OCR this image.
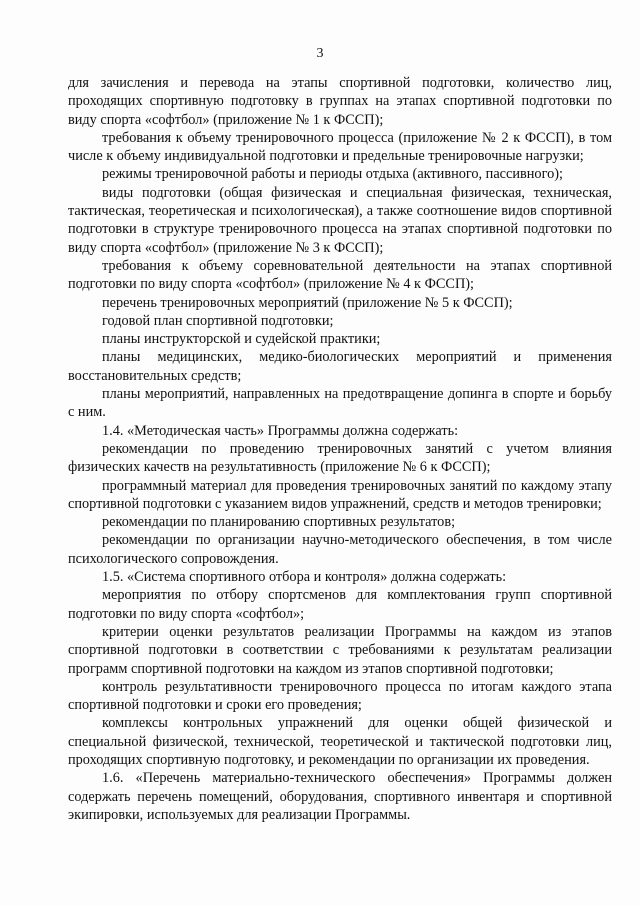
3

для зачисления и перевода на этапы спортивной подготовки, количество лиц, проходящих спортивную подготовку в группах на этапах спортивной подготовки по виду спорта «софтбол» (приложение № 1 к ФССП);

требования к объему тренировочного процесса (приложение № 2 к ФССП), в том числе к объему индивидуальной подготовки и предельные тренировочные нагрузки;

режимы тренировочной работы и периоды отдыха (активного, пассивного);

виды подготовки (общая физическая и специальная физическая, техническая, тактическая, теоретическая и психологическая), а также соотношение видов спортивной подготовки в структуре тренировочного процесса на этапах спортивной подготовки по виду спорта «софтбол» (приложение № 3 к ФССП);

требования к объему соревновательной деятельности на этапах спортивной подготовки по виду спорта «софтбол» (приложение № 4 к ФССП);

перечень тренировочных мероприятий (приложение № 5 к ФССП);

годовой план спортивной подготовки;

планы инструкторской и судейской практики;

планы медицинских, медико-биологических мероприятий и применения восстановительных средств;

планы мероприятий, направленных на предотвращение допинга в спорте и борьбу с ним.

1.4. «Методическая часть» Программы должна содержать:

рекомендации по проведению тренировочных занятий с учетом влияния физических качеств на результативность (приложение № 6 к ФССП);

программный материал для проведения тренировочных занятий по каждому этапу спортивной подготовки с указанием видов упражнений, средств и методов тренировки;

рекомендации по планированию спортивных результатов;

рекомендации по организации научно-методического обеспечения, в том числе психологического сопровождения.

1.5. «Система спортивного отбора и контроля» должна содержать:

мероприятия по отбору спортсменов для комплектования групп спортивной подготовки по виду спорта «софтбол»;

критерии оценки результатов реализации Программы на каждом из этапов спортивной подготовки в соответствии с требованиями к результатам реализации программ спортивной подготовки на каждом из этапов спортивной подготовки;

контроль результативности тренировочного процесса по итогам каждого этапа спортивной подготовки и сроки его проведения;

комплексы контрольных упражнений для оценки общей физической и специальной физической, технической, теоретической и тактической подготовки лиц, проходящих спортивную подготовку, и рекомендации по организации их проведения.

1.6. «Перечень материально-технического обеспечения» Программы должен содержать перечень помещений, оборудования, спортивного инвентаря и спортивной экипировки, используемых для реализации Программы.
